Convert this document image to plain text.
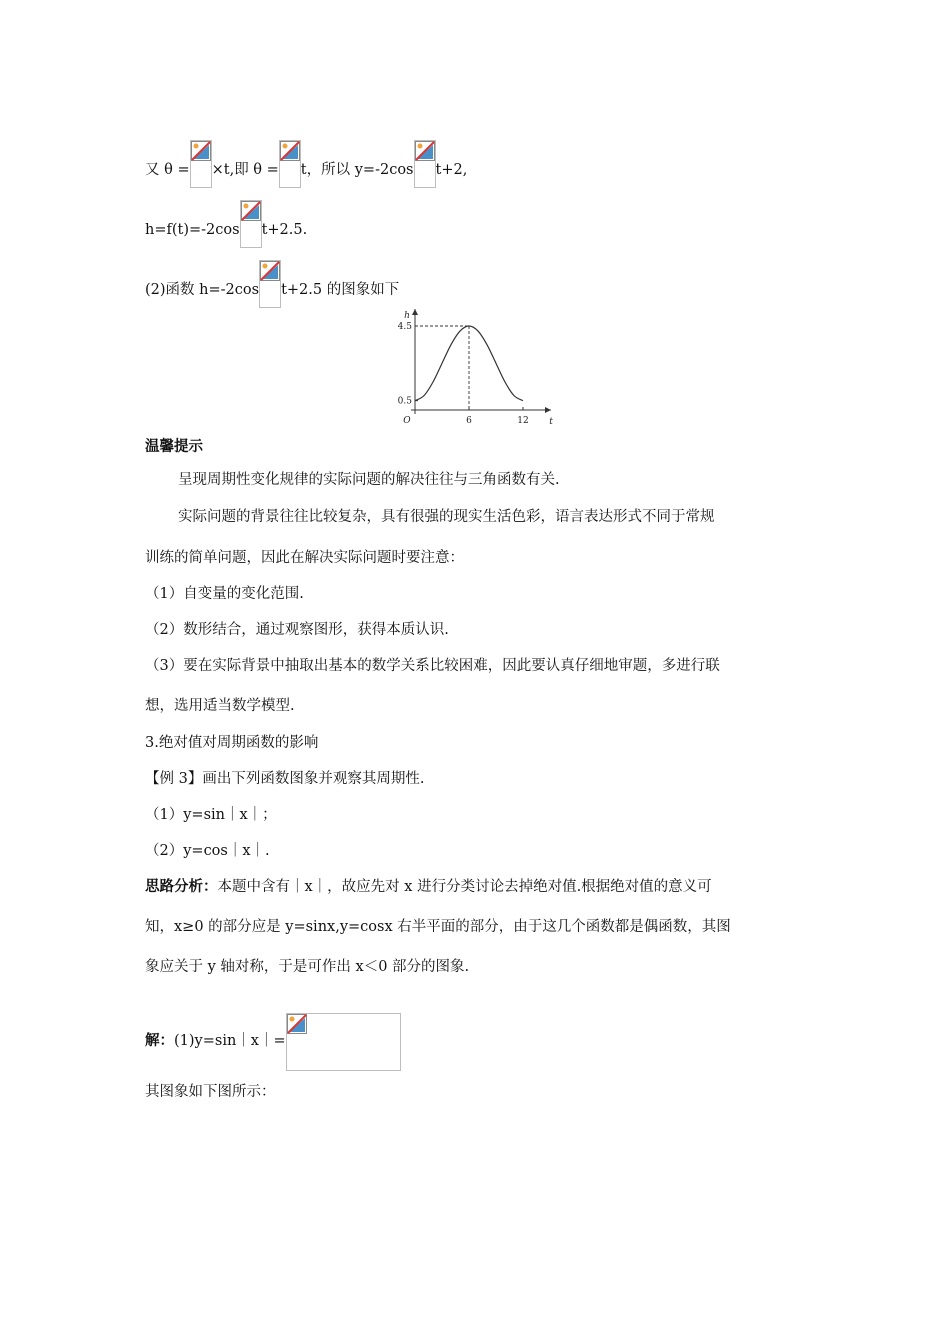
又 θ = ×t,即 θ = t，所以 y=-2cos t+2,
h=f(t)=-2cos t+2.5.
(2)函数 h=-2cos t+2.5 的图象如下
h
t
O
0.5
4.5
6	12
温馨提示
呈现周期性变化规律的实际问题的解决往往与三角函数有关.
实际问题的背景往往比较复杂，具有很强的现实生活色彩，语言表达形式不同于常规
训练的简单问题，因此在解决实际问题时要注意：
（1）自变量的变化范围.
（2）数形结合，通过观察图形，获得本质认识.
（3）要在实际背景中抽取出基本的数学关系比较困难，因此要认真仔细地审题，多进行联
想，选用适当数学模型.
3.绝对值对周期函数的影响
【例 3】画出下列函数图象并观察其周期性.
（1）y=sin｜x｜；
（2）y=cos｜x｜.
思路分析：本题中含有｜x｜，故应先对 x 进行分类讨论去掉绝对值.根据绝对值的意义可
知，x≥0 的部分应是 y=sinx,y=cosx 右半平面的部分，由于这几个函数都是偶函数，其图
象应关于 y 轴对称，于是可作出 x＜0 部分的图象.
解：(1)y=sin｜x｜=
其图象如下图所示：
